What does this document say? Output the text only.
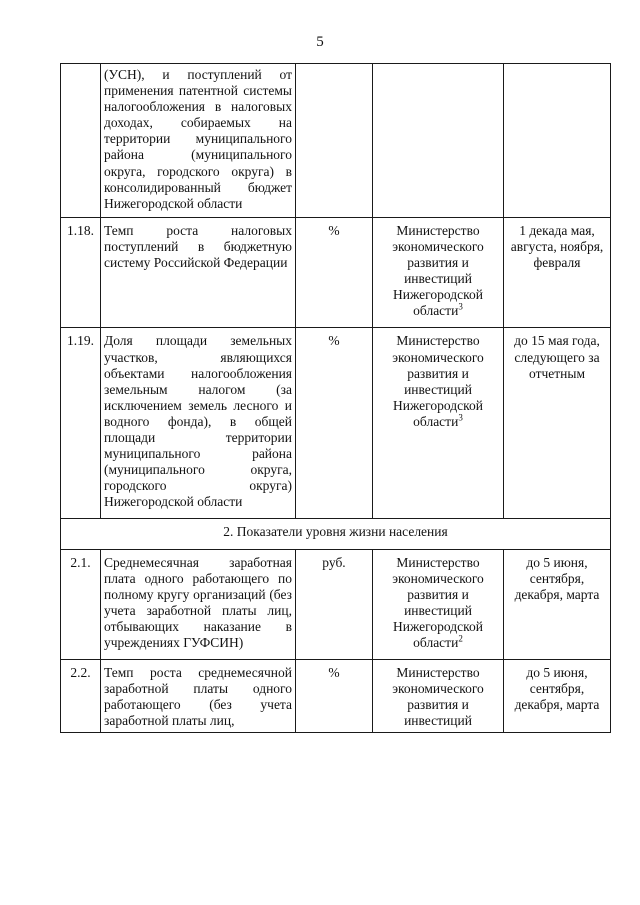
5
	(УСН), и поступлений от применения патентной системы налогообложения в налоговых доходах, собираемых на территории муниципального района (муниципального округа, городского округа) в консолидированный бюджет Нижегородской области			
1.18.	Темп роста налоговых поступлений в бюджетную систему Российской Федерации	%	Министерство экономического развития и инвестиций Нижегородской области$^3$	1 декада мая, августа, ноября, февраля
1.19.	Доля площади земельных участков, являющихся объектами налогообложения земельным налогом (за исключением земель лесного и водного фонда), в общей площади территории муниципального района (муниципального округа, городского округа) Нижегородской области	%	Министерство экономического развития и инвестиций Нижегородской области$^3$	до 15 мая года, следующего за отчетным
2. Показатели уровня жизни населения				
2.1.	Среднемесячная заработная плата одного работающего по полному кругу организаций (без учета заработной платы лиц, отбывающих наказание в учреждениях ГУФСИН)	руб.	Министерство экономического развития и инвестиций Нижегородской области$^2$	до 5 июня, сентября, декабря, марта
2.2.	Темп роста среднемесячной заработной платы одного работающего (без учета заработной платы лиц,	%	Министерство экономического развития и инвестиций	до 5 июня, сентября, декабря, марта
